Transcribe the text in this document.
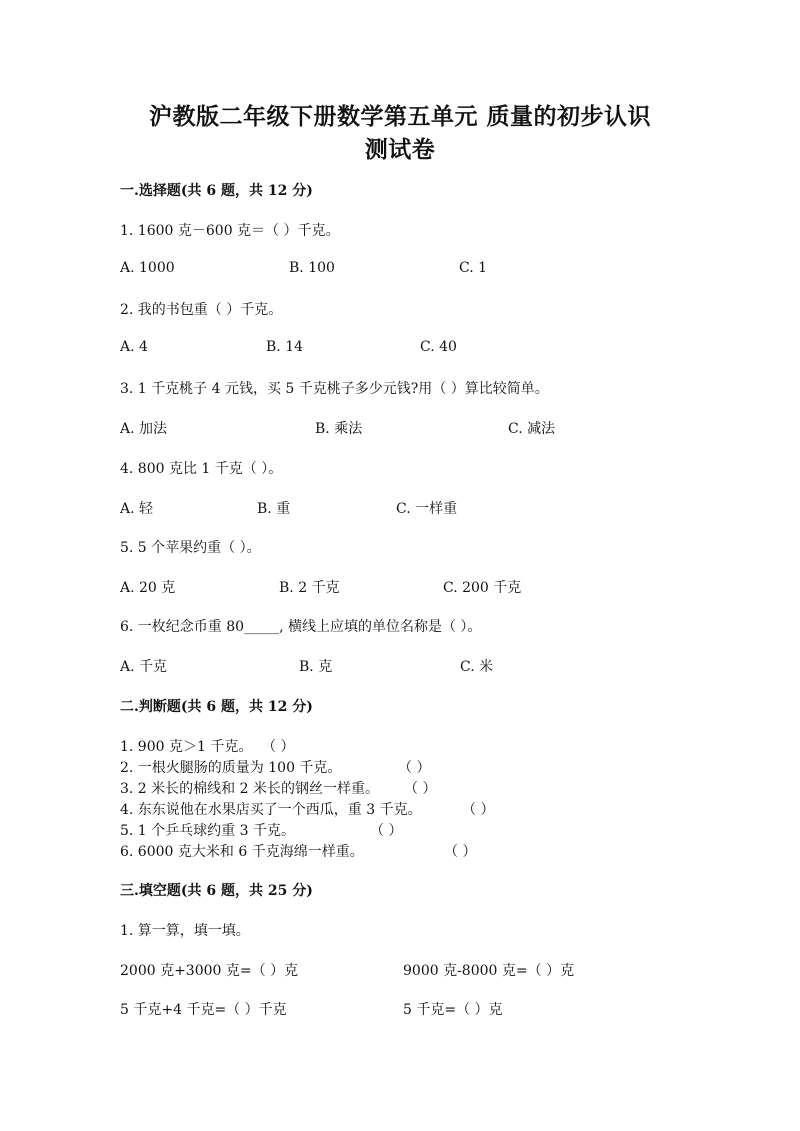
沪教版二年级下册数学第五单元 质量的初步认识
测试卷
一.选择题(共 6 题，共 12 分)
1. 1600 克－600 克＝（ ）千克。
A. 1000	B. 100	C. 1
2. 我的书包重（ ）千克。
A. 4	B. 14	C. 40
3. 1 千克桃子 4 元钱，买 5 千克桃子多少元钱?用（ ）算比较简单。
A. 加法	B. 乘法	C. 减法
4. 800 克比 1 千克（ ）。
A. 轻	B. 重	C. 一样重
5. 5 个苹果约重（ ）。
A. 20 克	B. 2 千克	C. 200 千克
6. 一枚纪念币重 80_____, 横线上应填的单位名称是（ ）。
A. 千克	B. 克	C. 米
二.判断题(共 6 题，共 12 分)
1. 900 克＞1 千克。 （ ）
2. 一根火腿肠的质量为 100 千克。	（ ）
3. 2 米长的棉线和 2 米长的钢丝一样重。 （ ）
4. 东东说他在水果店买了一个西瓜，重 3 千克。	（ ）
5. 1 个乒乓球约重 3 千克。	（ ）
6. 6000 克大米和 6 千克海绵一样重。	（ ）
三.填空题(共 6 题，共 25 分)
1. 算一算，填一填。
2000 克+3000 克=（ ）克	9000 克-8000 克=（ ）克
5 千克+4 千克=（ ）千克	5 千克=（ ）克
